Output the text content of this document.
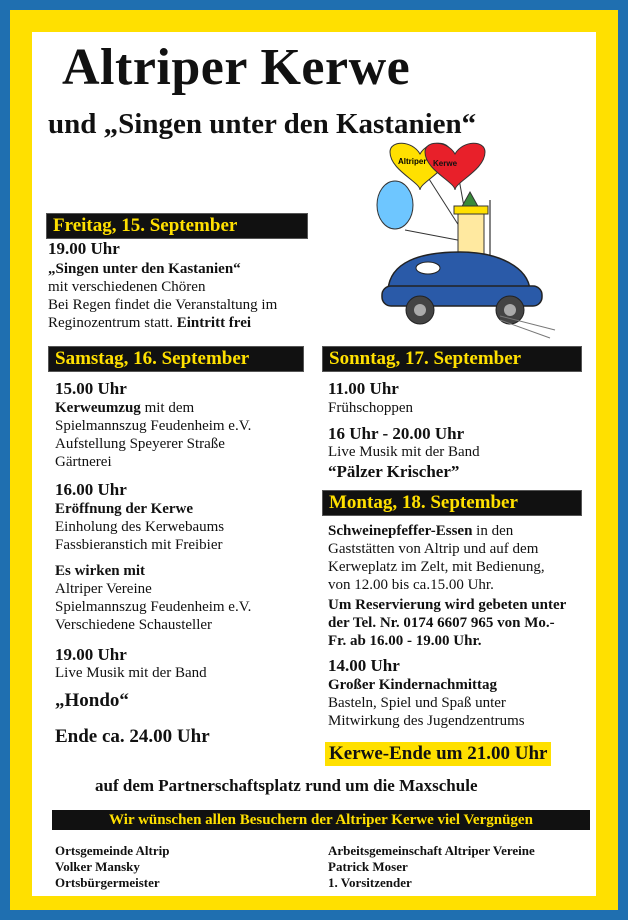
Altriper Kerwe
und „Singen unter den Kastanien“
Altriper Kerwe
Freitag, 15. September
19.00 Uhr
„Singen unter den Kastanien“
mit verschiedenen Chören
Bei Regen findet die Veranstaltung im
Reginozentrum statt. Eintritt frei
Samstag, 16. September
15.00 Uhr
Kerweumzug mit dem
Spielmannszug Feudenheim e.V.
Aufstellung Speyerer Straße
Gärtnerei
16.00 Uhr
Eröffnung der Kerwe
Einholung des Kerwebaums
Fassbieranstich mit Freibier
Es wirken mit
Altriper Vereine
Spielmannszug Feudenheim e.V.
Verschiedene Schausteller
19.00 Uhr
Live Musik mit der Band
„Hondo“
Ende ca. 24.00 Uhr
Sonntag, 17. September
11.00 Uhr
Frühschoppen
16 Uhr - 20.00 Uhr
Live Musik mit der Band
“Pälzer Krischer”
Montag, 18. September
Schweinepfeffer-Essen in den
Gaststätten von Altrip und auf dem
Kerweplatz im Zelt, mit Bedienung,
von 12.00 bis ca.15.00 Uhr.
Um Reservierung wird gebeten unter
der Tel. Nr. 0174 6607 965 von Mo.-
Fr. ab 16.00 - 19.00 Uhr.
14.00 Uhr
Großer Kindernachmittag
Basteln, Spiel und Spaß unter
Mitwirkung des Jugendzentrums
Kerwe-Ende um 21.00 Uhr
auf dem Partnerschaftsplatz rund um die Maxschule
Wir wünschen allen Besuchern der Altriper Kerwe viel Vergnügen
Ortsgemeinde Altrip
Volker Mansky
Ortsbürgermeister
Arbeitsgemeinschaft Altriper Vereine
Patrick Moser
1. Vorsitzender
